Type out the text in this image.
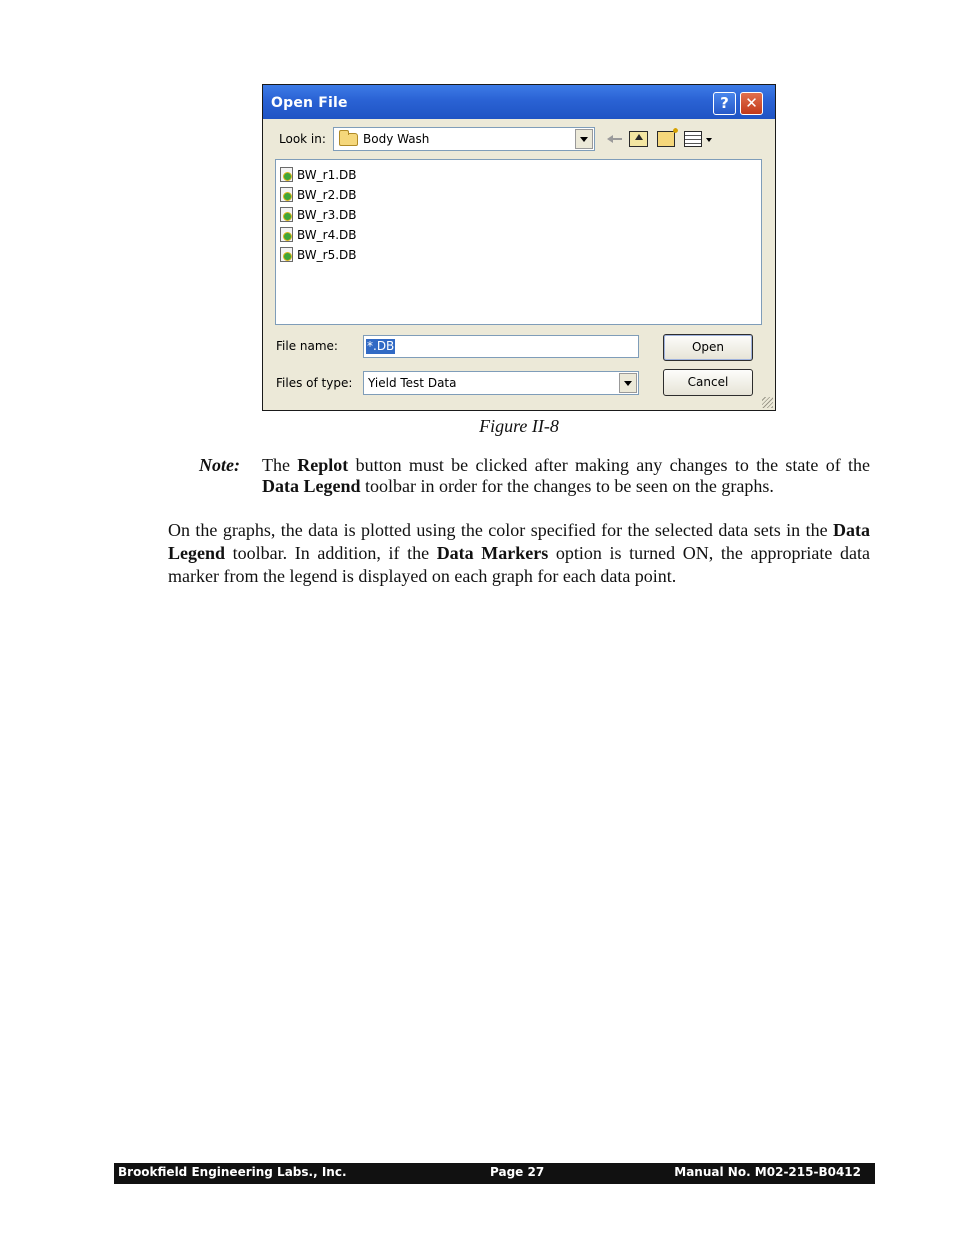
Open File	?	✕
Look in:	Body Wash
BW_r1.DB
BW_r2.DB
BW_r3.DB
BW_r4.DB
BW_r5.DB
File name: *.DB
Files of type: Yield Test Data
Open
Cancel
Figure II-8
Note: The Replot button must be clicked after making any changes to the state of the Data Legend toolbar in order for the changes to be seen on the graphs.
On the graphs, the data is plotted using the color specified for the selected data sets in the Data Legend toolbar. In addition, if the Data Markers option is turned ON, the appropriate data marker from the legend is displayed on each graph for each data point.
Brookfield Engineering Labs., Inc.	Page 27	Manual No. M02-215-B0412
